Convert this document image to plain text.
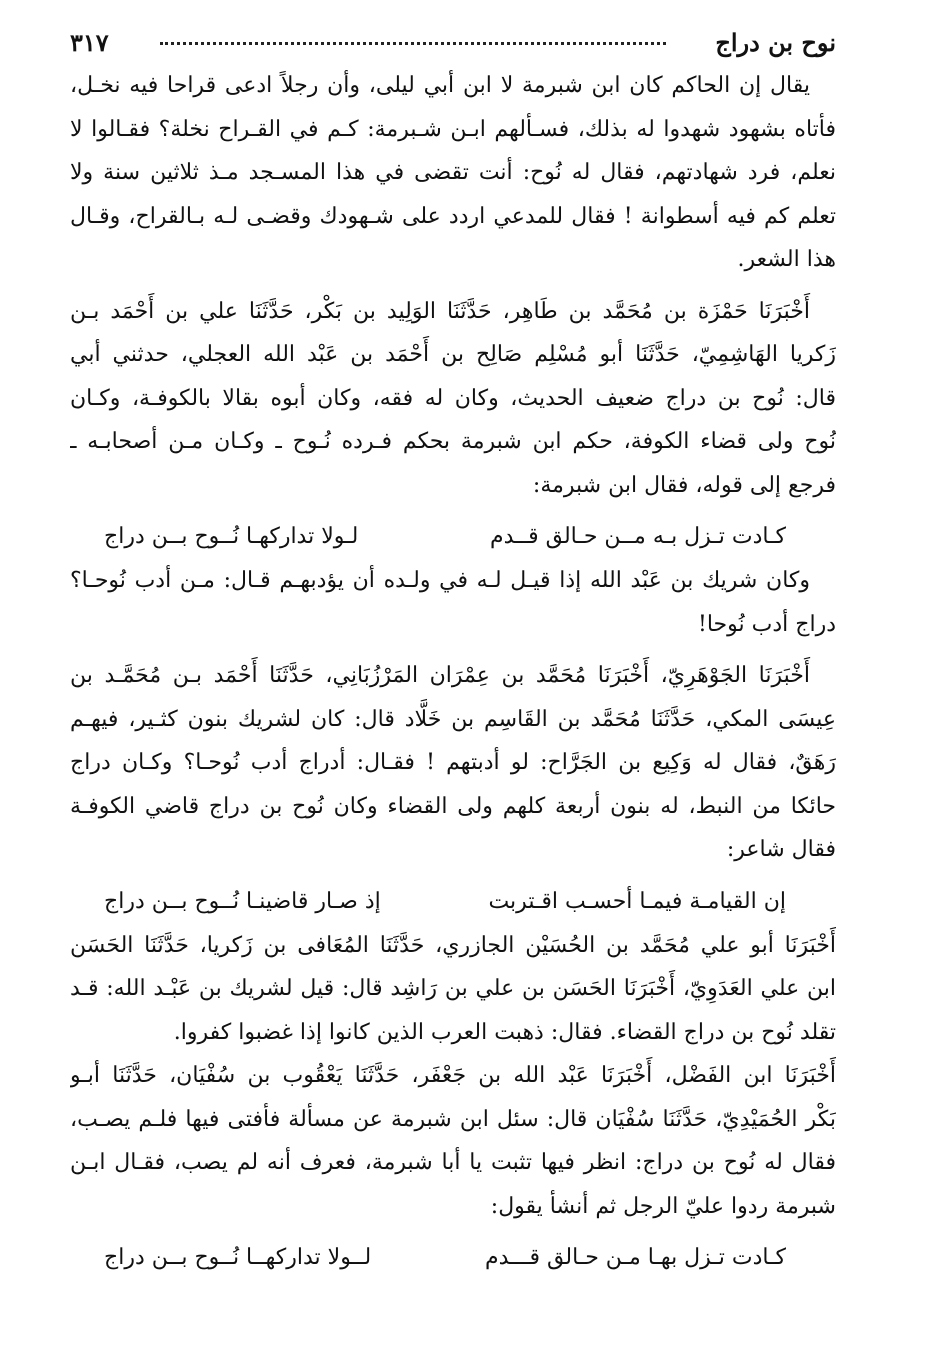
نوح بن دراج
٣١٧

يقال إن الحاكم كان ابن شبرمة لا ابن أبي ليلى، وأن رجلاً ادعى قراحا فيه نخـل،
فأتاه بشهود شهدوا له بذلك، فسـألهم ابـن شـبرمة: كـم في القـراح نخلة؟ فقـالوا لا
نعلم، فرد شهادتهم، فقال له نُوح: أنت تقضى في هذا المسـجد مـذ ثلاثين سنة ولا
تعلم كم فيه أسطوانة ! فقال للمدعي اردد على شـهودك وقضـى لـه بـالقراح، وقـال
هذا الشعر.

أَخْبَرَنَا حَمْزَة بن مُحَمَّد بن طَاهِر، حَدَّثَنَا الوَلِيد بن بَكْر، حَدَّثَنَا علي بن أَحْمَد بـن
زَكريا الهَاشِمِيّ، حَدَّثَنَا أبو مُسْلِم صَالِح بن أَحْمَد بن عَبْد الله العجلي، حدثني أبي
قال: نُوح بن دراج ضعيف الحديث، وكان له فقه، وكان أبوه بقالا بالكوفـة، وكـان
نُوح ولى قضاء الكوفة، حكم ابن شبرمة بحكم فـرده نُـوح ـ وكـان مـن أصحابـه ـ
فرجع إلى قوله، فقال ابن شبرمة:

كـادت تـزل بـه مــن حـالق قــدم
لـولا تداركهـا نُــوح بــن دراج

وكان شريك بن عَبْد الله إذا قيـل لـه في ولـده أن يؤدبهـم قـال: مـن أدب نُوحـا؟
دراج أدب نُوحا!

أَخْبَرَنَا الجَوْهَرِيّ، أَخْبَرَنَا مُحَمَّد بن عِمْرَان المَرْزُبَانِي، حَدَّثَنَا أَحْمَد بـن مُحَمَّـد بن
عِيسَى المكي، حَدَّثَنَا مُحَمَّد بن القَاسِم بن خَلَّاد قال: كان لشريك بنون كثـير، فيهـم
رَهَقٌ، فقال له وَكِيع بن الجَرَّاح: لو أدبتهم ! فقـال: أدراج أدب نُوحـا؟ وكـان دراج
حائكا من النبط، له بنون أربعة كلهم ولى القضاء وكان نُوح بن دراج قاضي الكوفـة
فقال شاعر:

إن القيامـة فيمـا أحسـب اقـتربت
إذ صـار قاضينـا نُــوح بــن دراج

أَخْبَرَنَا أبو علي مُحَمَّد بن الحُسَيْن الجازري، حَدَّثَنَا المُعَافى بن زَكريا، حَدَّثَنَا الحَسَن
ابن علي العَدَوِيّ، أَخْبَرَنَا الحَسَن بن علي بن رَاشِد قال: قيل لشريك بن عَبْـد الله: قـد
تقلد نُوح بن دراج القضاء. فقال: ذهبت العرب الذين كانوا إذا غضبوا كفروا.

أَخْبَرَنَا ابن الفَضْل، أَخْبَرَنَا عَبْد الله بن جَعْفَر، حَدَّثَنَا يَعْقُوب بن سُفْيَان، حَدَّثَنَا أبـو
بَكْر الحُمَيْدِيّ، حَدَّثَنَا سُفْيَان قال: سئل ابن شبرمة عن مسألة فأفتى فيها فلـم يصـب،
فقال له نُوح بن دراج: انظر فيها تثبت يا أبا شبرمة، فعرف أنه لم يصب، فقـال ابـن
شبرمة ردوا عليّ الرجل ثم أنشأ يقول:

كـادت تـزل بهـا مـن حـالق قـــدم
لــولا تداركهــا نُــوح بــن دراج
